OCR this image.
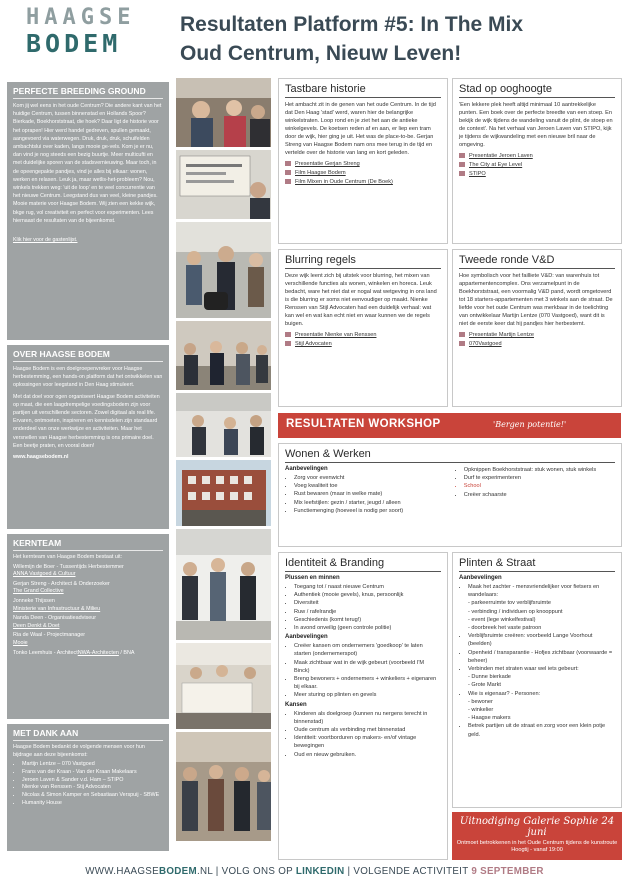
HAAGSE
BODEM
Resultaten Platform #5: In The Mix
Oud Centrum, Nieuw Leven!
PERFECTE BREEDING GROUND

Kom jij wel eens in het oude Centrum? Die andere kant van het huidige Centrum, tussen binnenstad en Hollands Spoor? Bierkade, Boekhorststraat, die hoek? Daar ligt de historie voor het oprapen! Hier werd handel gedreven, spullen gemaakt, aangevoerd via waterwegen. Druk, druk, druk, schuifelden ambachtslui over kaden, langs mooie ge-vels. Kom je er nu, dan vind je nog steeds een bezig buurtje. Meer multicufti en met duidelijke sporen van de stadsvernieuwing. Maar toch, in de opeengepakte pandjes, vind je alles bij elkaar: wonen, werken en relaxen. Leuk ja, maar wetlis-het-probleem? Nou, winkels trekken weg: 'uit de loop' en te veel concurrentie van het nieuwe Centrum. Leegstand dus van veel, kleine pandjes. Mooie materie voor Haagse Bodem. Wij zien een kekke wijk, bkge rug, vol creativiteit en perfect voor experimenten. Lees hiernaast de resultaten van de bijeenkomst.

Klik hier voor de gastenlijst.
OVER HAAGSE BODEM

Haagse Bodem is een doelgroepenvreker voor Haagse herbestemming, een hands-on platform dat het ontwikkelen van oplossingen voor leegstand in Den Haag stimuleert.

Met dat doel voor ogen organiseert Haagse Bodem activiteiten op maat, die een laagdrempelige voedingsbodem zijn voor partijen uit verschillende sectoren. Zowel digitaal als real life. Ervaren, ontmoeten, inspireren en kennisdelen zijn standaard onderdeel van onze werkwijze en activiteiten. Maar het versnellen van Haagse herbestemming is ons primaire doel. Een beetje praten, en vooral doen!

www.haagsebodem.nl

KERNTEAM
Het kernteam van Haagse Bodem bestaat uit:
Willemijn de Boer - Tussentijds Herbestemmer
ANNA Vastgoed & Cultuur
Gerjan Streng - Architect & Onderzoeker
The Grand Collective
Jonneke Thijssen
Ministerie van Infrastructuur & Milieu
Nanda Deen - Organisatieadviseur
Deen Denkt & Doet
Ria de Waal - Projectmanager
Mooie
Tonko Leemhuis - ArchitectNWA-Architecten / BNA
MET DANK AAN
Haagse Bodem bedankt de volgende mensen voor hun bijdrage aan deze bijeenkomst:
• Martijn Lentze – 070 Vastgoed
• Frans van der Kraan - Van der Kraan Makelaars
• Jeroen Laven & Sander v.d. Ham – STIPO
• Nienke van Renssen - Stij Advocaten
• Nicolas & Simon Kamper en Sebastiaan Verspuij - SBWE
• Humanity House
Tastbare historie

Het ambacht zit in de genen van het oude Centrum. In de tijd dat Den Haag 'stad' werd, waren hier de belangrijke winkelstraten. Loop rond en je ziet het aan de antieke winkelgevels. De koetsen reden af en aan, er liep een tram door de wijk, hier ging je uit. Het was de place-to-be. Gerjan Streng van Haagse Bodem nam ons mee terug in de tijd en vertelde over de historie van lang en kort geleden.

Presentatie Gerjan Streng
Film Haagse Bodem
Film Mixen in Oude Centrum (De Boek)
Stad op ooghoogte

'Een lekkere plek heeft altijd minimaal 10 aantrekkelijke punten. Een boek over de perfecte breedte van een stoep. En bekijk de wijk tijdens de wandeling vanuit de plint, de stoep en de context'. Na het verhaal van Jeroen Laven van STIPO, kijk je tijdens de wijkwandeling met een nieuwe bril naar de omgeving.

Presentatie Jeroen Laven
The City at Eye Level
STIPO
Blurring regels

Deze wijk leent zich bij uitstek voor blurring, het mixen van verschillende functies als wonen, winkelen en horeca. Leuk bedacht, ware het niet dat er nogal wat wetgeving in ons land is die blurring er soms niet eenvoudiger op maakt. Nienke Renssen van Stijl Advocaten had een duidelijk verhaal: wat kan wel en wat kan echt niet en waar kunnen we de regels buigen.

Presentatie Nienke van Renssen
Stijl Advocaten
Tweede ronde V&D

Hoe symbolisch voor het failliete V&D: van warenhuis tot appartementencomplex. Ons verzamelpunt in de Boekhorststraat, een voormalig V&D pand, wordt omgetoverd tot 18 starters-appartementen met 3 winkels aan de straat. De liefde voor het oude Centrum was merkbaar in de toelichting van ontwikkelaar Martijn Lentze (070 Vastgoed), want dit is niet de eerste keer dat hij pandjes hier herbestemt.

Presentatie Martijn Lentze
070Vastgoed
RESULTATEN WORKSHOP	'Bergen potentie!'
Wonen & Werken
Aanbevelingen
• Zorg voor evenwicht
• Voeg kwaliteit toe
• Rust bewaren (maar in welke mate)
• Mix leefstijlen: gezin / starter, jeugd / alleen
• Functiemenging (hoeveel is nodig per soort)
• Opknippen Boekhorststraat: stuk wonen, stuk winkels
• Durf te experimenteren
• School
• Creëer schaarste
Identiteit & Branding
Plussen en minnen
• Toegang tot / naast nieuwe Centrum
• Authentiek (mooie gevels), knus, persoonlijk
• Diversiteit
• Ruw / rafelrandje
• Geschiedenis (komt terug!)
• In avond onveilig (geen controle politie)
Aanbevelingen
• Creëer kansen om ondernemers 'goedkoop' te laten starten (ondernemerspot)
• Maak zichtbaar wat in de wijk gebeurt (voorbeeld I'M Binck)
• Breng bewoners + ondernemers + winkeliers + eigenaren bij elkaar.
• Meer sturing op plinten en gevels
Kansen
• Kinderen als doelgroep (kunnen nu nergens terecht in binnenstad)
• Oude centrum als verbinding met binnenstad
• Identiteit: voortborduren op makers- en/of vintage bewegingen
• Oud en nieuw gebruiken.
Plinten & Straat
Aanbevelingen
• Maak het zachter - mensvriendelijker voor fietsers en wandelaars:
- parkeerruimte tov verblijfsruimte
- verbinding / individuen op knooppunt
- event (lege winkelfestival)
- doorbreek het vaste patroon
• Verblijfsruimte creëren: voorbeeld Lange Voorhout (beelden)
• Openheid / transparantie - Hofjes zichtbaar (voorwaarde = beheer)
• Verbinden met straten waar wel iets gebeurt:
- Dunne bierkade
- Grote Markt
• Wie is eigenaar? - Personen:
- bewoner
- winkelier
- Haagse makers
• Betrek partijen uit de straat en zorg voor een klein potje geld.
Uitnodiging Galerie Sophie 24 juni
Ontmoet betrokkenen in het Oude Centrum tijdens de kunstroute Hoogtij - vanaf 19:00
WWW.HAAGSEBODEM.NL | VOLG ONS OP LINKEDIN | VOLGENDE ACTIVITEIT 9 SEPTEMBER
